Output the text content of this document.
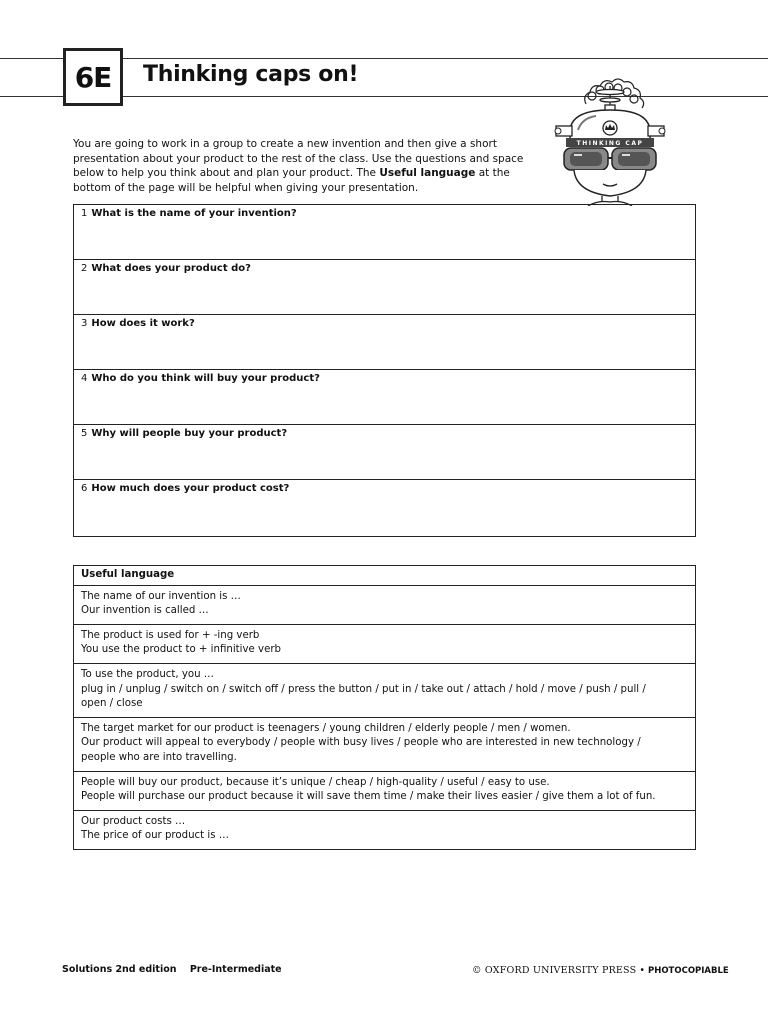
6E Thinking caps on!
You are going to work in a group to create a new invention and then give a short presentation about your product to the rest of the class. Use the questions and space below to help you think about and plan your product. The Useful language at the bottom of the page will be helpful when giving your presentation.
THINKING CAP
1 What is the name of your invention?
2 What does your product do?
3 How does it work?
4 Who do you think will buy your product?
5 Why will people buy your product?
6 How much does your product cost?
Useful language
The name of our invention is …
Our invention is called …
The product is used for + -ing verb
You use the product to + infinitive verb
To use the product, you …
plug in / unplug / switch on / switch off / press the button / put in / take out / attach / hold / move / push / pull /
open / close
The target market for our product is teenagers / young children / elderly people / men / women.
Our product will appeal to everybody / people with busy lives / people who are interested in new technology /
people who are into travelling.
People will buy our product, because it’s unique / cheap / high-quality / useful / easy to use.
People will purchase our product because it will save them time / make their lives easier / give them a lot of fun.
Our product costs …
The price of our product is …
Solutions 2nd edition Pre-Intermediate	© OXFORD UNIVERSITY PRESS • PHOTOCOPIABLE
